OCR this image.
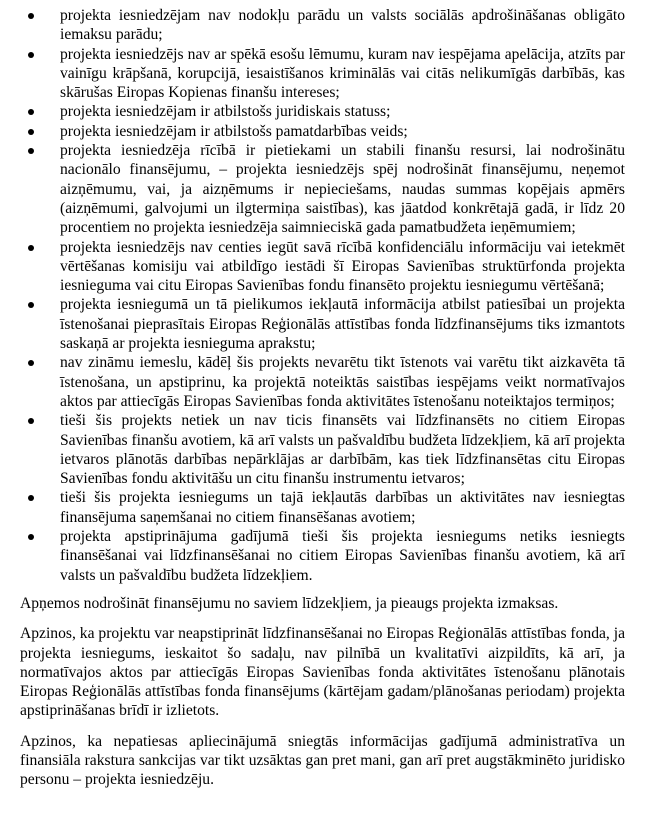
projekta iesniedzējam nav nodokļu parādu un valsts sociālās apdrošināšanas obligāto iemaksu parādu;
projekta iesniedzējs nav ar spēkā esošu lēmumu, kuram nav iespējama apelācija, atzīts par vainīgu krāpšanā, korupcijā, iesaistīšanos kriminālās vai citās nelikumīgās darbībās, kas skārušas Eiropas Kopienas finanšu intereses;
projekta iesniedzējam ir atbilstošs juridiskais statuss;
projekta iesniedzējam ir atbilstošs pamatdarbības veids;
projekta iesniedzēja rīcībā ir pietiekami un stabili finanšu resursi, lai nodrošinātu nacionālo finansējumu, – projekta iesniedzējs spēj nodrošināt finansējumu, neņemot aizņēmumu, vai, ja aizņēmums ir nepieciešams, naudas summas kopējais apmērs (aizņēmumi, galvojumi un ilgtermiņa saistības), kas jāatdod konkrētajā gadā, ir līdz 20 procentiem no projekta iesniedzēja saimnieciskā gada pamatbudžeta ieņēmumiem;
projekta iesniedzējs nav centies iegūt savā rīcībā konfidenciālu informāciju vai ietekmēt vērtēšanas komisiju vai atbildīgo iestādi šī Eiropas Savienības struktūrfonda projekta iesnieguma vai citu Eiropas Savienības fondu finansēto projektu iesniegumu vērtēšanā;
projekta iesniegumā un tā pielikumos iekļautā informācija atbilst patiesībai un projekta īstenošanai pieprasītais Eiropas Reģionālās attīstības fonda līdzfinansējums tiks izmantots saskaņā ar projekta iesnieguma aprakstu;
nav zināmu iemeslu, kādēļ šis projekts nevarētu tikt īstenots vai varētu tikt aizkavēta tā īstenošana, un apstiprinu, ka projektā noteiktās saistības iespējams veikt normatīvajos aktos par attiecīgās Eiropas Savienības fonda aktivitātes īstenošanu noteiktajos termiņos;
tieši šis projekts netiek un nav ticis finansēts vai līdzfinansēts no citiem Eiropas Savienības finanšu avotiem, kā arī valsts un pašvaldību budžeta līdzekļiem, kā arī projekta ietvaros plānotās darbības nepārklājas ar darbībām, kas tiek līdzfinansētas citu Eiropas Savienības fondu aktivitāšu un citu finanšu instrumentu ietvaros;
tieši šis projekta iesniegums un tajā iekļautās darbības un aktivitātes nav iesniegtas finansējuma saņemšanai no citiem finansēšanas avotiem;
projekta apstiprinājuma gadījumā tieši šis projekta iesniegums netiks iesniegts finansēšanai vai līdzfinansēšanai no citiem Eiropas Savienības finanšu avotiem, kā arī valsts un pašvaldību budžeta līdzekļiem.

Apņemos nodrošināt finansējumu no saviem līdzekļiem, ja pieaugs projekta izmaksas.

Apzinos, ka projektu var neapstiprināt līdzfinansēšanai no Eiropas Reģionālās attīstības fonda, ja projekta iesniegums, ieskaitot šo sadaļu, nav pilnībā un kvalitatīvi aizpildīts, kā arī, ja normatīvajos aktos par attiecīgās Eiropas Savienības fonda aktivitātes īstenošanu plānotais Eiropas Reģionālās attīstības fonda finansējums (kārtējam gadam/plānošanas periodam) projekta apstiprināšanas brīdī ir izlietots.

Apzinos, ka nepatiesas apliecinājumā sniegtās informācijas gadījumā administratīva un finansiāla rakstura sankcijas var tikt uzsāktas gan pret mani, gan arī pret augstākminēto juridisko personu – projekta iesniedzēju.
